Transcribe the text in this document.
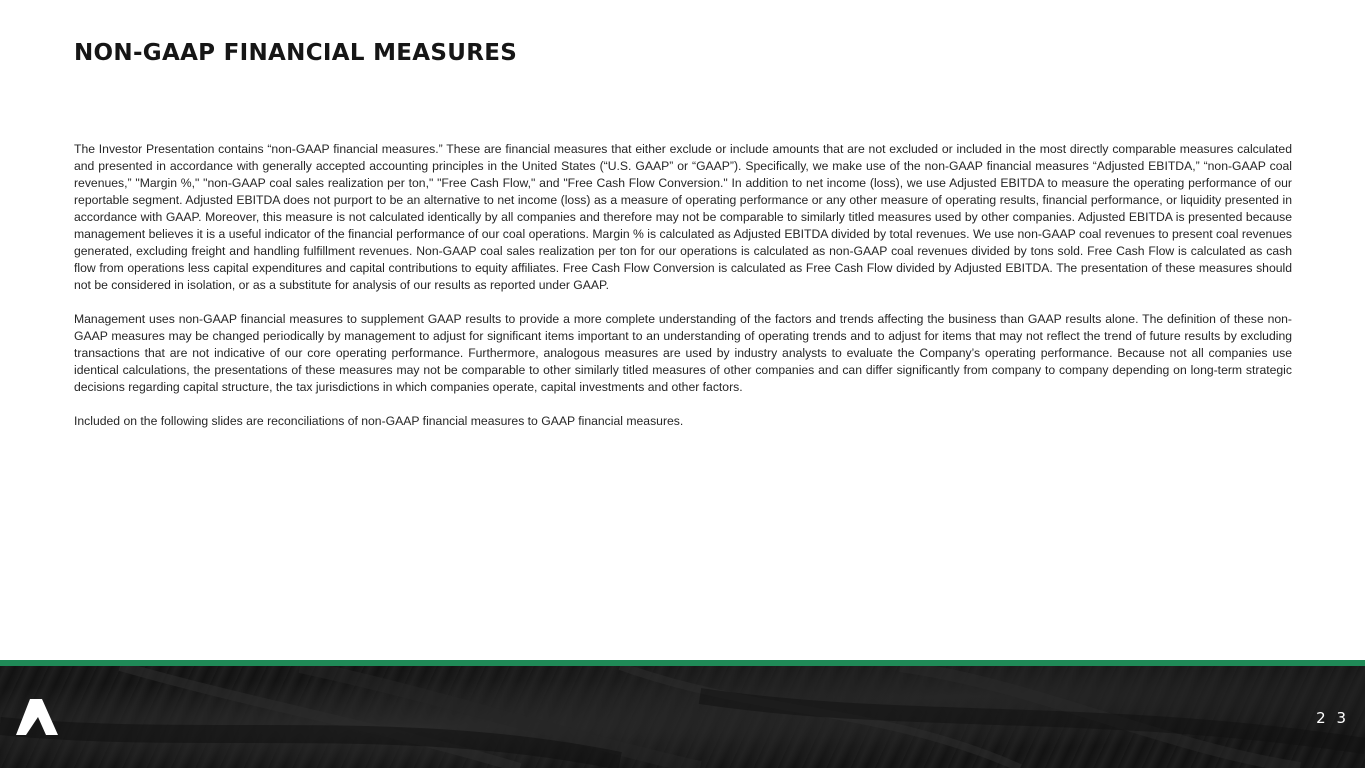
NON-GAAP FINANCIAL MEASURES

The Investor Presentation contains “non-GAAP financial measures.” These are financial measures that either exclude or include amounts that are not excluded or included in the most directly comparable measures calculated and presented in accordance with generally accepted accounting principles in the United States (“U.S. GAAP” or “GAAP”). Specifically, we make use of the non-GAAP financial measures “Adjusted EBITDA,” “non-GAAP coal revenues,” "Margin %," "non-GAAP coal sales realization per ton," "Free Cash Flow," and "Free Cash Flow Conversion." In addition to net income (loss), we use Adjusted EBITDA to measure the operating performance of our reportable segment. Adjusted EBITDA does not purport to be an alternative to net income (loss) as a measure of operating performance or any other measure of operating results, financial performance, or liquidity presented in accordance with GAAP. Moreover, this measure is not calculated identically by all companies and therefore may not be comparable to similarly titled measures used by other companies. Adjusted EBITDA is presented because management believes it is a useful indicator of the financial performance of our coal operations. Margin % is calculated as Adjusted EBITDA divided by total revenues. We use non-GAAP coal revenues to present coal revenues generated, excluding freight and handling fulfillment revenues. Non-GAAP coal sales realization per ton for our operations is calculated as non-GAAP coal revenues divided by tons sold. Free Cash Flow is calculated as cash flow from operations less capital expenditures and capital contributions to equity affiliates. Free Cash Flow Conversion is calculated as Free Cash Flow divided by Adjusted EBITDA. The presentation of these measures should not be considered in isolation, or as a substitute for analysis of our results as reported under GAAP.

Management uses non-GAAP financial measures to supplement GAAP results to provide a more complete understanding of the factors and trends affecting the business than GAAP results alone. The definition of these non-GAAP measures may be changed periodically by management to adjust for significant items important to an understanding of operating trends and to adjust for items that may not reflect the trend of future results by excluding transactions that are not indicative of our core operating performance. Furthermore, analogous measures are used by industry analysts to evaluate the Company’s operating performance. Because not all companies use identical calculations, the presentations of these measures may not be comparable to other similarly titled measures of other companies and can differ significantly from company to company depending on long-term strategic decisions regarding capital structure, the tax jurisdictions in which companies operate, capital investments and other factors.

Included on the following slides are reconciliations of non-GAAP financial measures to GAAP financial measures.

2 3
